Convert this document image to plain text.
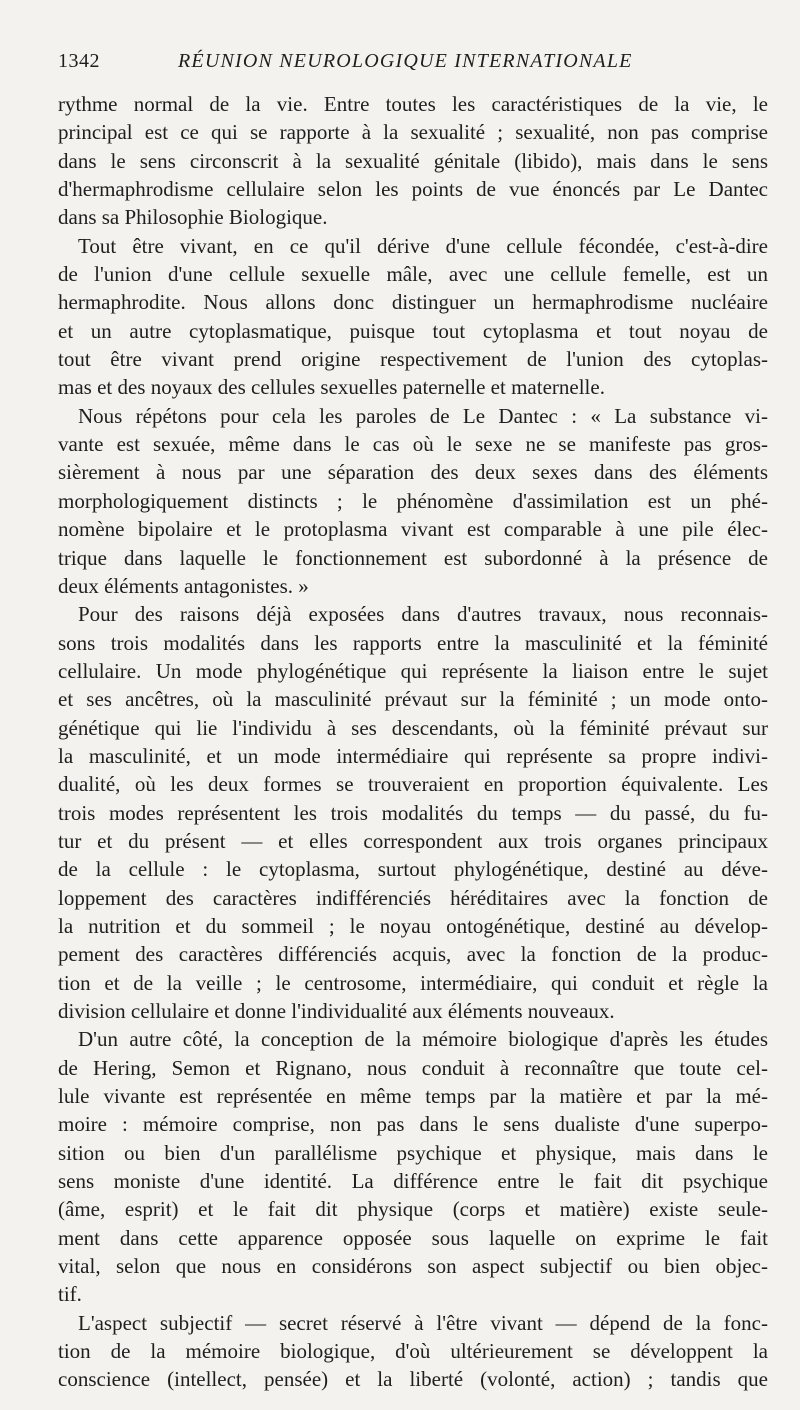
1342	RÉUNION NEUROLOGIQUE INTERNATIONALE
rythme normal de la vie. Entre toutes les caractéristiques de la vie, le
principal est ce qui se rapporte à la sexualité ; sexualité, non pas comprise
dans le sens circonscrit à la sexualité génitale (libido), mais dans le sens
d'hermaphrodisme cellulaire selon les points de vue énoncés par Le Dantec
dans sa Philosophie Biologique.
Tout être vivant, en ce qu'il dérive d'une cellule fécondée, c'est-à-dire
de l'union d'une cellule sexuelle mâle, avec une cellule femelle, est un
hermaphrodite. Nous allons donc distinguer un hermaphrodisme nucléaire
et un autre cytoplasmatique, puisque tout cytoplasma et tout noyau de
tout être vivant prend origine respectivement de l'union des cytoplas-
mas et des noyaux des cellules sexuelles paternelle et maternelle.
Nous répétons pour cela les paroles de Le Dantec : « La substance vi-
vante est sexuée, même dans le cas où le sexe ne se manifeste pas gros-
sièrement à nous par une séparation des deux sexes dans des éléments
morphologiquement distincts ; le phénomène d'assimilation est un phé-
nomène bipolaire et le protoplasma vivant est comparable à une pile élec-
trique dans laquelle le fonctionnement est subordonné à la présence de
deux éléments antagonistes. »
Pour des raisons déjà exposées dans d'autres travaux, nous reconnais-
sons trois modalités dans les rapports entre la masculinité et la féminité
cellulaire. Un mode phylogénétique qui représente la liaison entre le sujet
et ses ancêtres, où la masculinité prévaut sur la féminité ; un mode onto-
génétique qui lie l'individu à ses descendants, où la féminité prévaut sur
la masculinité, et un mode intermédiaire qui représente sa propre indivi-
dualité, où les deux formes se trouveraient en proportion équivalente. Les
trois modes représentent les trois modalités du temps — du passé, du fu-
tur et du présent — et elles correspondent aux trois organes principaux
de la cellule : le cytoplasma, surtout phylogénétique, destiné au déve-
loppement des caractères indifférenciés héréditaires avec la fonction de
la nutrition et du sommeil ; le noyau ontogénétique, destiné au dévelop-
pement des caractères différenciés acquis, avec la fonction de la produc-
tion et de la veille ; le centrosome, intermédiaire, qui conduit et règle la
division cellulaire et donne l'individualité aux éléments nouveaux.
D'un autre côté, la conception de la mémoire biologique d'après les études
de Hering, Semon et Rignano, nous conduit à reconnaître que toute cel-
lule vivante est représentée en même temps par la matière et par la mé-
moire : mémoire comprise, non pas dans le sens dualiste d'une superpo-
sition ou bien d'un parallélisme psychique et physique, mais dans le
sens moniste d'une identité. La différence entre le fait dit psychique
(âme, esprit) et le fait dit physique (corps et matière) existe seule-
ment dans cette apparence opposée sous laquelle on exprime le fait
vital, selon que nous en considérons son aspect subjectif ou bien objec-
tif.
L'aspect subjectif — secret réservé à l'être vivant — dépend de la fonc-
tion de la mémoire biologique, d'où ultérieurement se développent la
conscience (intellect, pensée) et la liberté (volonté, action) ; tandis que
